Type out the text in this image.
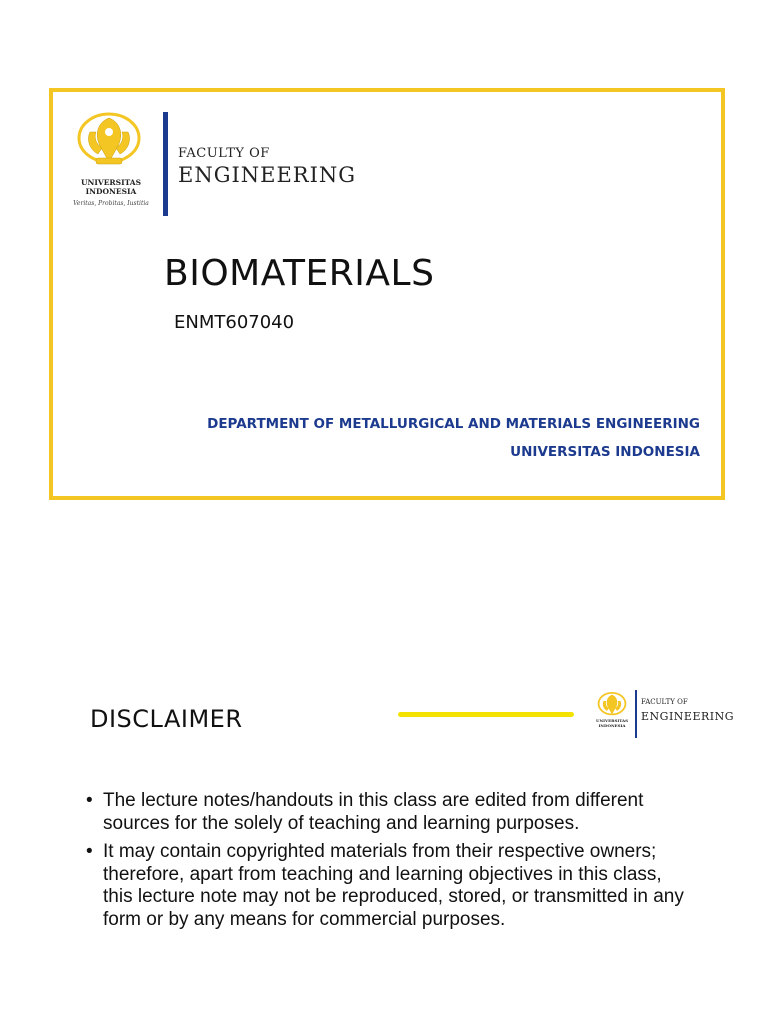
UNIVERSITAS
INDONESIA
Veritas, Probitas, Iustitia
FACULTY OF
ENGINEERING
BIOMATERIALS
ENMT607040
DEPARTMENT OF METALLURGICAL AND MATERIALS ENGINEERING
UNIVERSITAS INDONESIA
DISCLAIMER	UNIVERSITAS
INDONESIA
FACULTY OF
ENGINEERING
• The lecture notes/handouts in this class are edited from different sources for the solely of teaching and learning purposes.
• It may contain copyrighted materials from their respective owners; therefore, apart from teaching and learning objectives in this class, this lecture note may not be reproduced, stored, or transmitted in any form or by any means for commercial purposes.
